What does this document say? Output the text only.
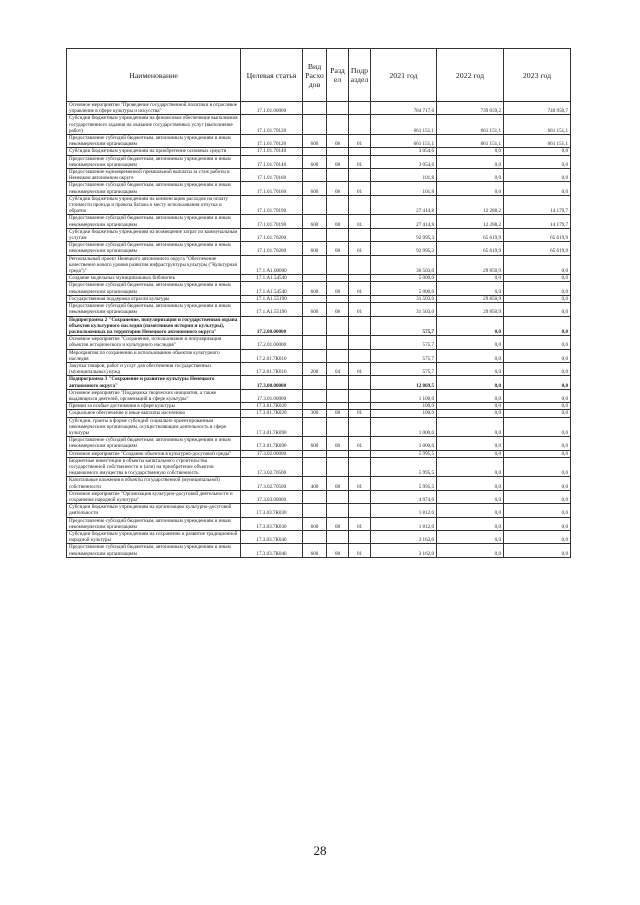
Наименование	Целевая статья	Вид Расхо дов	Разд ел	Подр аздел	2021 год	2022 год	2023 год
Основное мероприятие "Проведение государственной политики в отраслевое управление в сфере культуры и искусства"	17.1.01.00000				784 717,6	739 059,2	740 950,7
Субсидии бюджетным учреждениям на финансовое обеспечение выполнения государственного задания на оказание государственных услуг (выполнение работ)	17.1.01.70120				661 151,1	661 151,1	661 151,1
Предоставление субсидий бюджетным, автономным учреждениям и иным некоммерческим организациям	17.1.01.70120	600	08	01	661 151,1	661 151,1	661 151,1
Субсидии бюджетным учреждениям на приобретение основных средств	17.1.01.70140				3 054,6	0,0	0,0
Предоставление субсидий бюджетным, автономным учреждениям и иным некоммерческим организациям	17.1.01.70140	600	08	01	3 054,6	0,0	0,0
Предоставление единовременной премиальной выплаты за стаж работы в Ненецком автономном округе	17.1.01.70160				101,8	0,0	0,0
Предоставление субсидий бюджетным, автономным учреждениям и иным некоммерческим организациям	17.1.01.70160	600	08	01	101,8	0,0	0,0
Субсидии бюджетным учреждениям на компенсацию расходов на оплату стоимости проезда и провоза багажа к месту использования отпуска и обратно	17.1.01.70190				27 414,8	12 288,2	14 179,7
Предоставление субсидий бюджетным, автономным учреждениям и иным некоммерческим организациям	17.1.01.70190	600	08	01	27 414,8	12 288,2	14 179,7
Субсидии бюджетным учреждениям на возмещение затрат по коммунальным услугам	17.1.01.70200				92 995,3	65 619,9	65 619,9
Предоставление субсидий бюджетным, автономным учреждениям и иным некоммерческим организациям	17.1.01.70200	600	08	01	92 995,3	65 619,9	65 619,9
Региональный проект Ненецкого автономного округа "Обеспечение качественно нового уровня развития инфраструктуры культуры ("Культурная среда")"	17.1.A1.00000				36 503,0	29 850,9	0,0
Создание модельных муниципальных библиотек	17.1.A1.54540				5 000,0	0,0	0,0
Предоставление субсидий бюджетным, автономным учреждениям и иным некоммерческим организациям	17.1.A1.54540	600	08	01	5 000,0	0,0	0,0
Государственная поддержка отрасли культуры	17.1.A1.55190				31 503,0	29 850,9	0,0
Предоставление субсидий бюджетным, автономным учреждениям и иным некоммерческим организациям	17.1.A1.55190	600	08	01	31 503,0	29 850,9	0,0
Подпрограмма 2 "Сохранение, популяризация и государственная охрана объектов культурного наследия (памятников истории и культуры), расположенных на территории Ненецкого автономного округа"	17.2.00.00000				575,7	0,0	0,0
Основное мероприятие "Сохранение, использование и популяризация объектов исторического и культурного наследия"	17.2.01.00000				575,7	0,0	0,0
Мероприятия по сохранению и использованию объектов культурного наследия	17.2.01.7К010				575,7	0,0	0,0
Закупка товаров, работ и услуг для обеспечения государственных (муниципальных) нужд	17.2.01.7К010	200	04	01	575,7	0,0	0,0
Подпрограмма 3 "Сохранение и развитие культуры Ненецкого автономного округа"	17.3.00.00000				12 869,5	0,0	0,0
Основное мероприятие "Поддержка творческих инициатив, а также выдающихся деятелей, организаций в сфере культуры"	17.3.01.00000				1 100,0	0,0	0,0
Премии за особые достижения в сфере культуры	17.3.01.7К020				100,0	0,0	0,0
Социальное обеспечение и иные выплаты населению	17.3.01.7К020	300	08	01	100,0	0,0	0,0
Субсидии, гранты в форме субсидий социально ориентированным некоммерческим организациям, осуществляющим деятельность в сфере культуры	17.3.01.7К090				1 000,0	0,0	0,0
Предоставление субсидий бюджетным, автономным учреждениям и иным некоммерческим организациям	17.3.01.7К090	600	08	01	1 000,0	0,0	0,0
Основное мероприятие "Создание объектов в культурно-досуговой среды"	17.3.02.00000				5 995,5	0,0	0,0
Бюджетные инвестиции в объекты капитального строительства государственной собственности и (или) на приобретение объектов недвижимого имущества в государственную собственность	17.3.02.70500				5 995,5	0,0	0,0
Капитальные вложения в объекты государственной (муниципальной) собственности	17.3.02.70500	400	08	01	5 995,5	0,0	0,0
Основное мероприятие "Организация культурно-досуговой деятельности и сохранение народной культуры"	17.3.03.00000				4 974,0	0,0	0,0
Субсидии бюджетным учреждениям на организацию культурно-досуговой деятельности	17.3.03.7К030				1 812,0	0,0	0,0
Предоставление субсидий бюджетным, автономным учреждениям и иным некоммерческим организациям	17.3.03.7К030	600	08	01	1 812,0	0,0	0,0
Субсидии бюджетным учреждениям на сохранение и развитие традиционной народной культуры	17.3.03.7К040				3 162,0	0,0	0,0
Предоставление субсидий бюджетным, автономным учреждениям и иным некоммерческим организациям	17.3.03.7К040	600	08	01	3 162,0	0,0	0,0
28
